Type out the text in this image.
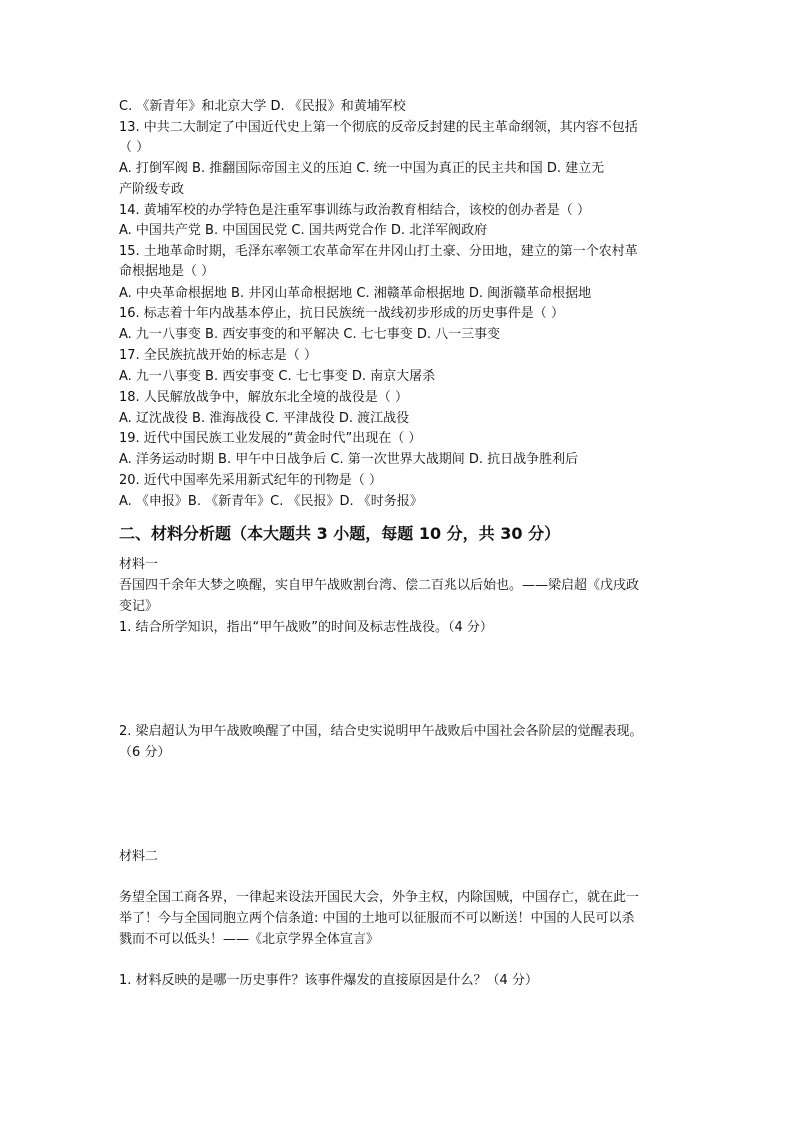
C. 《新青年》和北京大学 D. 《民报》和黄埔军校
13. 中共二大制定了中国近代史上第一个彻底的反帝反封建的民主革命纲领，其内容不包括
（ ）
A. 打倒军阀 B. 推翻国际帝国主义的压迫 C. 统一中国为真正的民主共和国 D. 建立无
产阶级专政
14. 黄埔军校的办学特色是注重军事训练与政治教育相结合，该校的创办者是（ ）
A. 中国共产党 B. 中国国民党 C. 国共两党合作 D. 北洋军阀政府
15. 土地革命时期，毛泽东率领工农革命军在井冈山打土豪、分田地，建立的第一个农村革
命根据地是（ ）
A. 中央革命根据地 B. 井冈山革命根据地 C. 湘赣革命根据地 D. 闽浙赣革命根据地
16. 标志着十年内战基本停止，抗日民族统一战线初步形成的历史事件是（ ）
A. 九一八事变 B. 西安事变的和平解决 C. 七七事变 D. 八一三事变
17. 全民族抗战开始的标志是（ ）
A. 九一八事变 B. 西安事变 C. 七七事变 D. 南京大屠杀
18. 人民解放战争中，解放东北全境的战役是（ ）
A. 辽沈战役 B. 淮海战役 C. 平津战役 D. 渡江战役
19. 近代中国民族工业发展的“黄金时代”出现在（ ）
A. 洋务运动时期 B. 甲午中日战争后 C. 第一次世界大战期间 D. 抗日战争胜利后
20. 近代中国率先采用新式纪年的刊物是（ ）
A. 《申报》B. 《新青年》C. 《民报》D. 《时务报》
二、材料分析题（本大题共 3 小题，每题 10 分，共 30 分）
材料一
吾国四千余年大梦之唤醒，实自甲午战败割台湾、偿二百兆以后始也。——梁启超《戊戌政
变记》
1. 结合所学知识，指出“甲午战败”的时间及标志性战役。（4 分）
2. 梁启超认为甲午战败唤醒了中国，结合史实说明甲午战败后中国社会各阶层的觉醒表现。
（6 分）
材料二
务望全国工商各界，一律起来设法开国民大会，外争主权，内除国贼，中国存亡，就在此一
举了！今与全国同胞立两个信条道: 中国的土地可以征服而不可以断送！中国的人民可以杀
戮而不可以低头！——《北京学界全体宣言》
1. 材料反映的是哪一历史事件？该事件爆发的直接原因是什么？（4 分）
